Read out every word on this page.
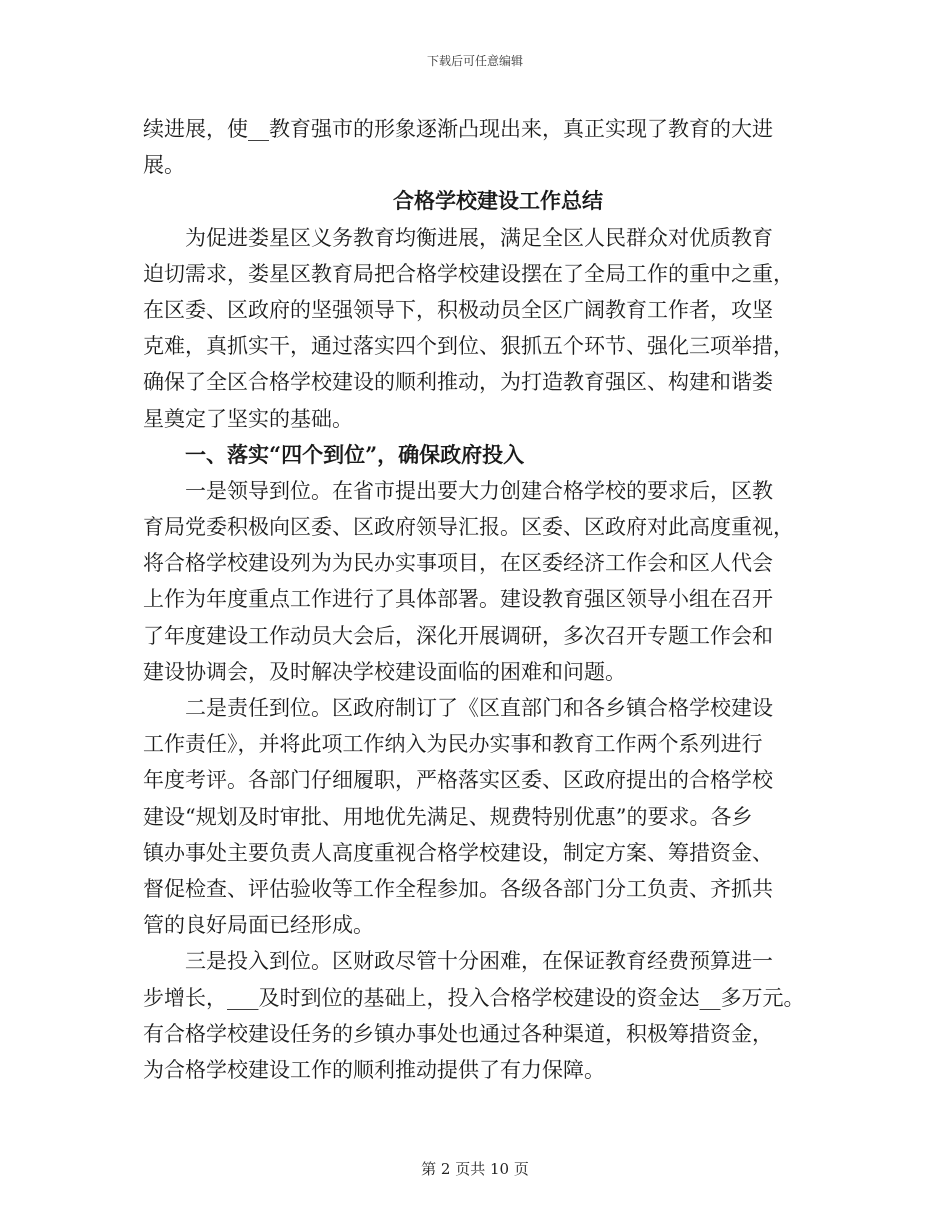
下载后可任意编辑
续进展，使__教育强市的形象逐渐凸现出来，真正实现了教育的大进
展。
合格学校建设工作总结
为促进娄星区义务教育均衡进展，满足全区人民群众对优质教育
迫切需求，娄星区教育局把合格学校建设摆在了全局工作的重中之重，
在区委、区政府的坚强领导下，积极动员全区广阔教育工作者，攻坚
克难，真抓实干，通过落实四个到位、狠抓五个环节、强化三项举措，
确保了全区合格学校建设的顺利推动，为打造教育强区、构建和谐娄
星奠定了坚实的基础。
一、落实“四个到位”，确保政府投入
一是领导到位。在省市提出要大力创建合格学校的要求后，区教
育局党委积极向区委、区政府领导汇报。区委、区政府对此高度重视，
将合格学校建设列为为民办实事项目，在区委经济工作会和区人代会
上作为年度重点工作进行了具体部署。建设教育强区领导小组在召开
了年度建设工作动员大会后，深化开展调研，多次召开专题工作会和
建设协调会，及时解决学校建设面临的困难和问题。
二是责任到位。区政府制订了《区直部门和各乡镇合格学校建设
工作责任》，并将此项工作纳入为民办实事和教育工作两个系列进行
年度考评。各部门仔细履职，严格落实区委、区政府提出的合格学校
建设“规划及时审批、用地优先满足、规费特别优惠”的要求。各乡
镇办事处主要负责人高度重视合格学校建设，制定方案、筹措资金、
督促检查、评估验收等工作全程参加。各级各部门分工负责、齐抓共
管的良好局面已经形成。
三是投入到位。区财政尽管十分困难，在保证教育经费预算进一
步增长，___及时到位的基础上，投入合格学校建设的资金达__多万元。
有合格学校建设任务的乡镇办事处也通过各种渠道，积极筹措资金，
为合格学校建设工作的顺利推动提供了有力保障。
第 2 页共 10 页
